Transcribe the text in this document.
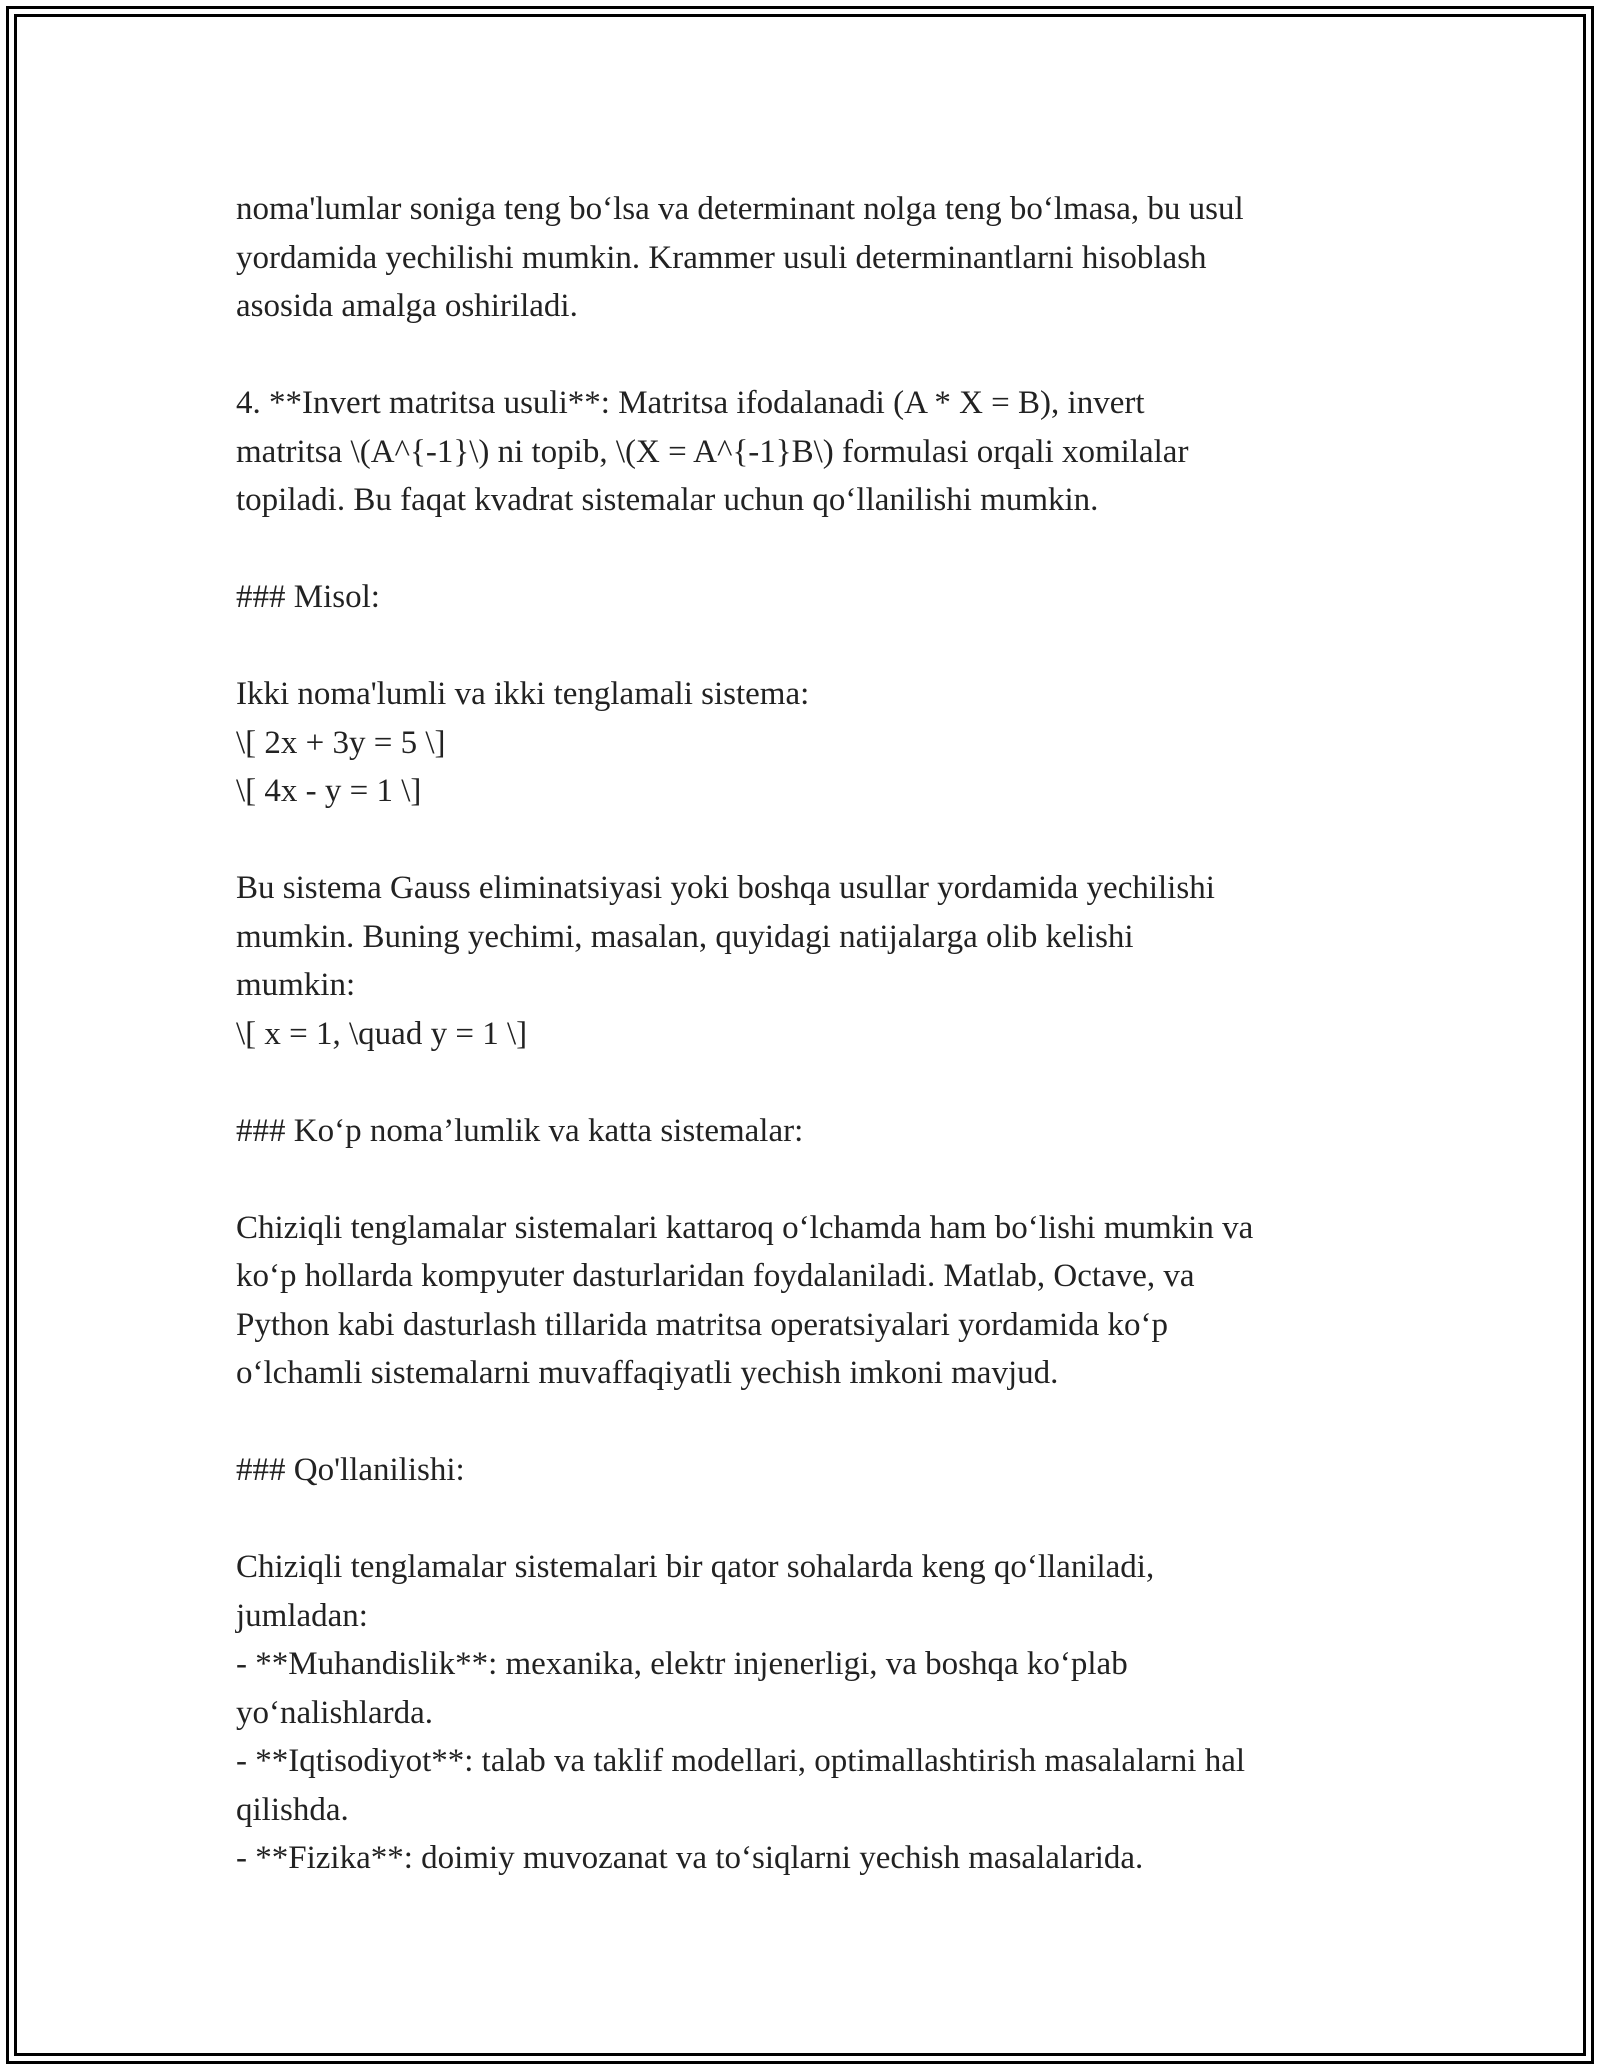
noma'lumlar soniga teng bo‘lsa va determinant nolga teng bo‘lmasa, bu usul
yordamida yechilishi mumkin. Krammer usuli determinantlarni hisoblash
asosida amalga oshiriladi.

4. **Invert matritsa usuli**: Matritsa ifodalanadi (A * X = B), invert
matritsa \(A^{-1}\) ni topib, \(X = A^{-1}B\) formulasi orqali xomilalar
topiladi. Bu faqat kvadrat sistemalar uchun qo‘llanilishi mumkin.

### Misol:

Ikki noma'lumli va ikki tenglamali sistema:
\[ 2x + 3y = 5 \]
\[ 4x - y = 1 \]

Bu sistema Gauss eliminatsiyasi yoki boshqa usullar yordamida yechilishi
mumkin. Buning yechimi, masalan, quyidagi natijalarga olib kelishi
mumkin:
\[ x = 1, \quad y = 1 \]

### Ko‘p noma’lumlik va katta sistemalar:

Chiziqli tenglamalar sistemalari kattaroq o‘lchamda ham bo‘lishi mumkin va
ko‘p hollarda kompyuter dasturlaridan foydalaniladi. Matlab, Octave, va
Python kabi dasturlash tillarida matritsa operatsiyalari yordamida ko‘p
o‘lchamli sistemalarni muvaffaqiyatli yechish imkoni mavjud.

### Qo'llanilishi:

Chiziqli tenglamalar sistemalari bir qator sohalarda keng qo‘llaniladi,
jumladan:
- **Muhandislik**: mexanika, elektr injenerligi, va boshqa ko‘plab
yo‘nalishlarda.
- **Iqtisodiyot**: talab va taklif modellari, optimallashtirish masalalarni hal
qilishda.
- **Fizika**: doimiy muvozanat va to‘siqlarni yechish masalalarida.
